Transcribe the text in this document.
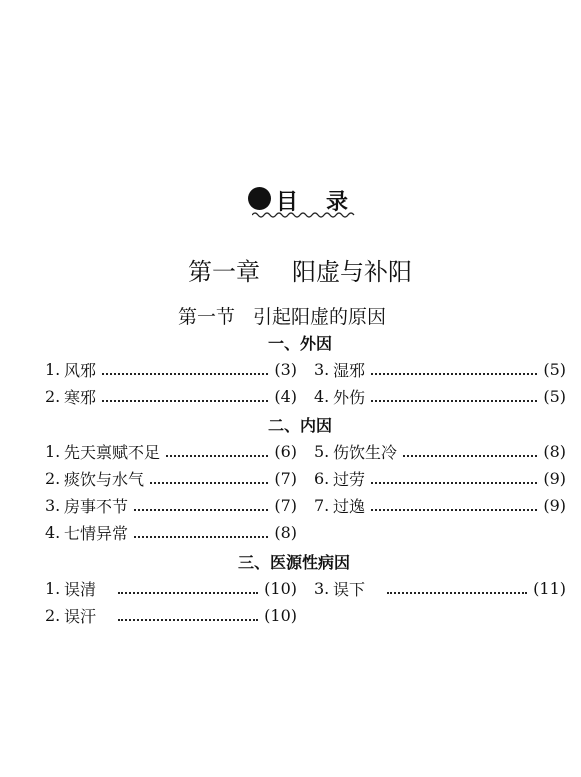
目录
第一章 阳虚与补阳
第一节 引起阳虚的原因
一、外因
1. 风邪	(3)
2. 寒邪	(4)
3. 湿邪	(5)
4. 外伤	(5)
二、内因
1. 先天禀赋不足	(6)
2. 痰饮与水气	(7)
3. 房事不节	(7)
4. 七情异常	(8)
5. 伤饮生冷	(8)
6. 过劳	(9)
7. 过逸	(9)
三、医源性病因
1. 误清	(10)
2. 误汗	(10)
3. 误下	(11)
